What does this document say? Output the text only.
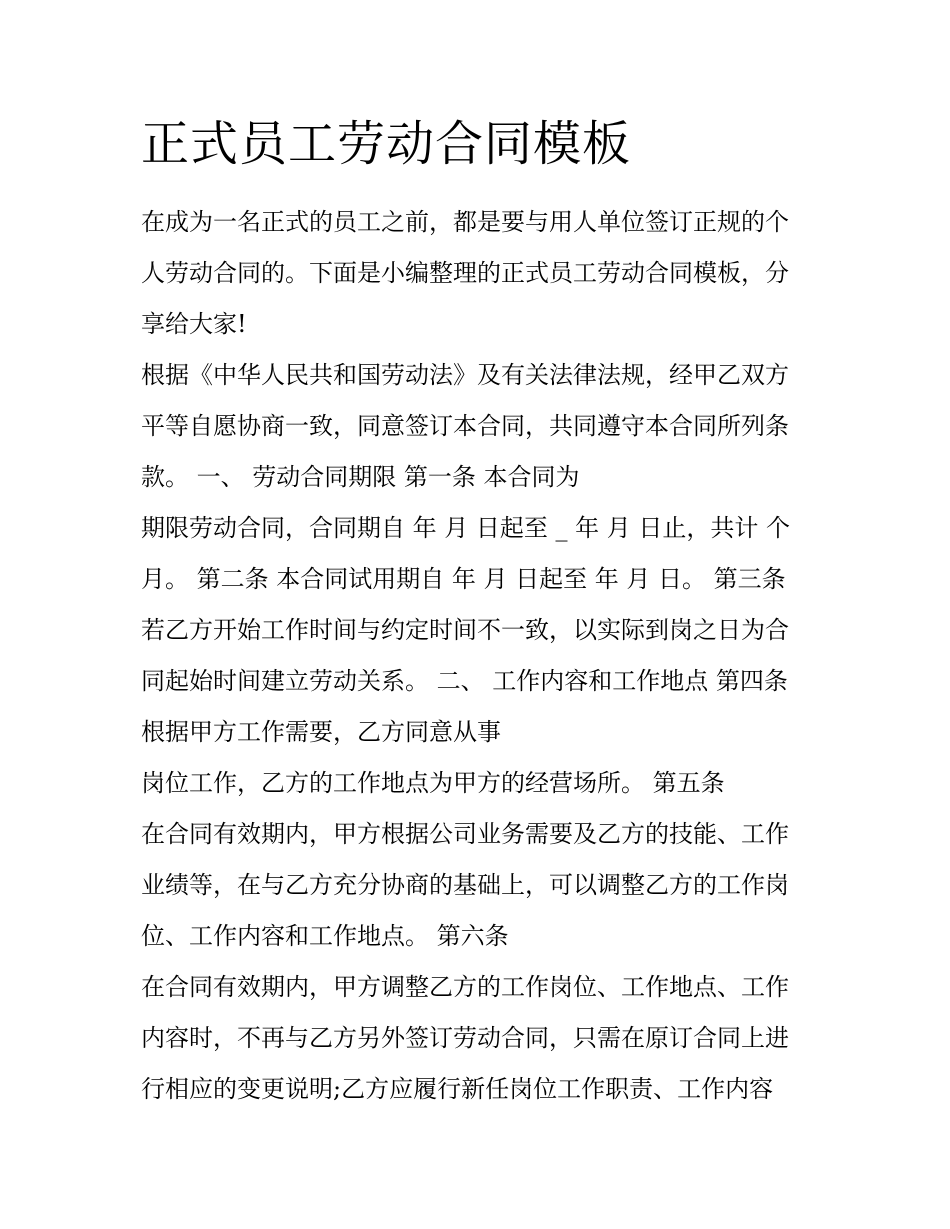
正式员工劳动合同模板
在成为一名正式的员工之前，都是要与用人单位签订正规的个
人劳动合同的。下面是小编整理的正式员工劳动合同模板，分
享给大家!
根据《中华人民共和国劳动法》及有关法律法规，经甲乙双方
平等自愿协商一致，同意签订本合同，共同遵守本合同所列条
款。 一、 劳动合同期限 第一条 本合同为
期限劳动合同，合同期自 年 月 日起至 _ 年 月 日止，共计 个
月。 第二条 本合同试用期自 年 月 日起至 年 月 日。 第三条
若乙方开始工作时间与约定时间不一致，以实际到岗之日为合
同起始时间建立劳动关系。 二、 工作内容和工作地点 第四条
根据甲方工作需要，乙方同意从事
岗位工作，乙方的工作地点为甲方的经营场所。 第五条
在合同有效期内，甲方根据公司业务需要及乙方的技能、工作
业绩等，在与乙方充分协商的基础上，可以调整乙方的工作岗
位、工作内容和工作地点。 第六条
在合同有效期内，甲方调整乙方的工作岗位、工作地点、工作
内容时，不再与乙方另外签订劳动合同，只需在原订合同上进
行相应的变更说明;乙方应履行新任岗位工作职责、工作内容
